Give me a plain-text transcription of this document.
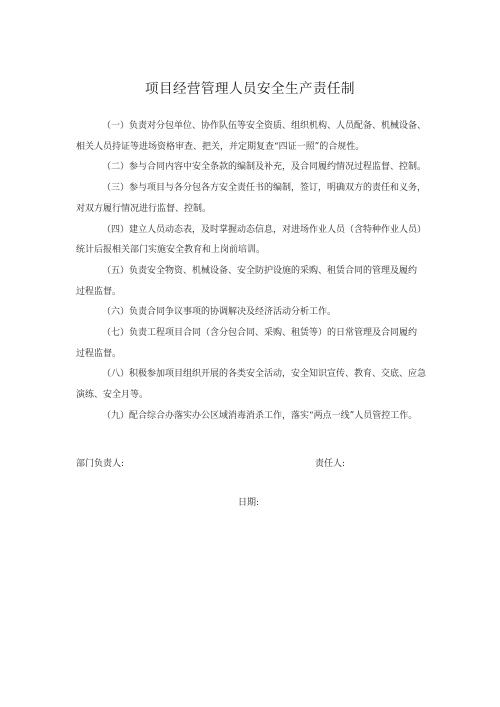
项目经营管理人员安全生产责任制

（一）负责对分包单位、协作队伍等安全资质、组织机构、人员配备、机械设备、相关人员持证等进场资格审查、把关，并定期复查“四证一照”的合规性。

（二）参与合同内容中安全条款的编制及补充，及合同履约情况过程监督、控制。

（三）参与项目与各分包各方安全责任书的编制，签订，明确双方的责任和义务，对双方履行情况进行监督、控制。

（四）建立人员动态表，及时掌握动态信息，对进场作业人员（含特种作业人员）统计后报相关部门实施安全教育和上岗前培训。

（五）负责安全物资、机械设备、安全防护设施的采购、租赁合同的管理及履约
过程监督。

（六）负责合同争议事项的协调解决及经济活动分析工作。

（七）负责工程项目合同（含分包合同、采购、租赁等）的日常管理及合同履约
过程监督。

（八）积极参加项目组织开展的各类安全活动，安全知识宣传、教育、交底、应急演练、安全月等。

（九）配合综合办落实办公区域消毒消杀工作，落实“两点一线”人员管控工作。

部门负责人:	责任人:
日期:
